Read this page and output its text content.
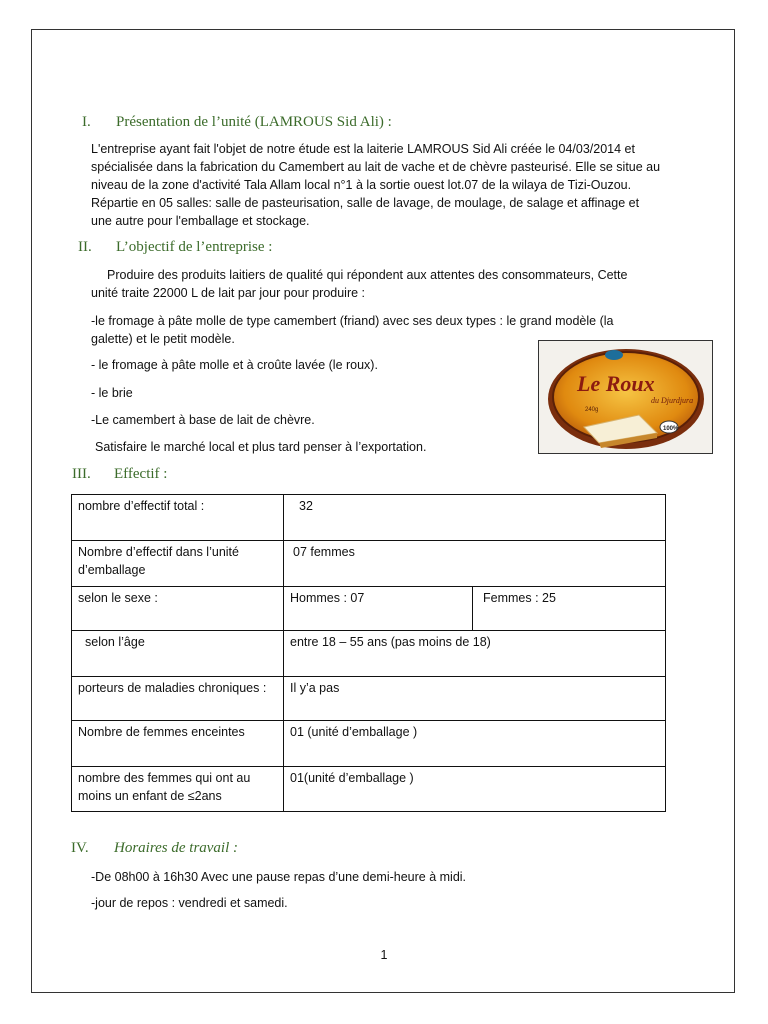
I. Présentation de l’unité (LAMROUS Sid Ali) :
L'entreprise ayant fait l'objet de notre étude est la laiterie LAMROUS Sid Ali créée le 04/03/2014 et
spécialisée dans la fabrication du Camembert au lait de vache et de chèvre pasteurisé. Elle se situe au
niveau de la zone d'activité Tala Allam local n°1 à la sortie ouest lot.07 de la wilaya de Tizi-Ouzou.
Répartie en 05 salles: salle de pasteurisation, salle de lavage, de moulage, de salage et affinage et
une autre pour l'emballage et stockage.
II. L’objectif de l’entreprise :
Produire des produits laitiers de qualité qui répondent aux attentes des consommateurs, Cette
unité traite 22000 L de lait par jour pour produire :
-le fromage à pâte molle de type camembert (friand) avec ses deux types : le grand modèle (la
galette) et le petit modèle.
- le fromage à pâte molle et à croûte lavée (le roux).
- le brie
-Le camembert à base de lait de chèvre.
Satisfaire le marché local et plus tard penser à l’exportation.
Le Roux
du Djurdjura
240g
100%
III. Effectif :
nombre d’effectif total :	32	
Nombre d’effectif dans l’unité d’emballage	07 femmes	
selon le sexe :	Hommes : 07	Femmes : 25
selon l’âge	entre 18 – 55 ans (pas moins de 18)	
porteurs de maladies chroniques :	Il y’a pas	
Nombre de femmes enceintes	01 (unité d’emballage )	
nombre des femmes qui ont au moins un enfant de ≤2ans	01(unité d’emballage )	
IV. Horaires de travail :
-De 08h00 à 16h30 Avec une pause repas d’une demi-heure à midi.
-jour de repos : vendredi et samedi.
1
